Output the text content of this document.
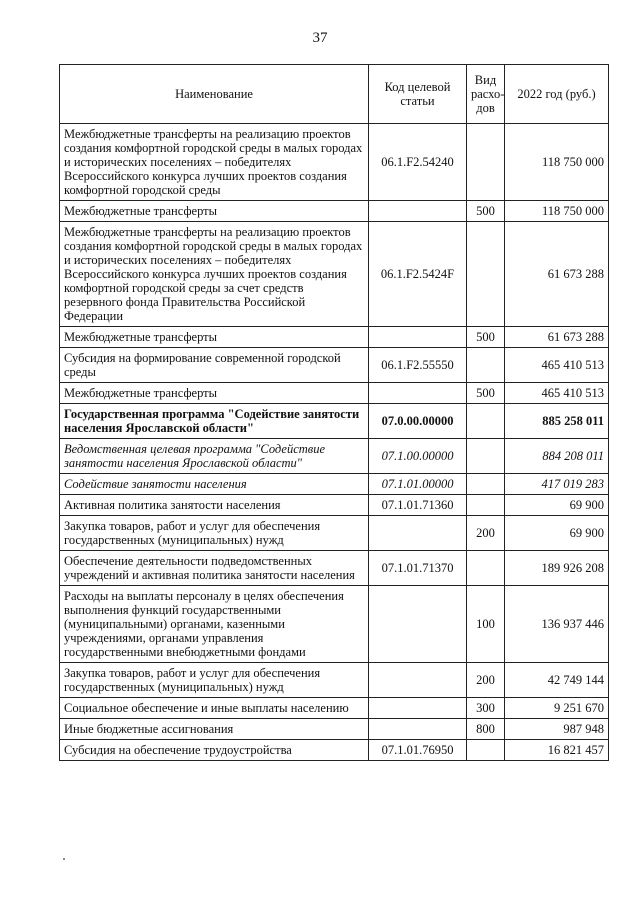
37
Наименование	Код целевой статьи	Вид расхо-дов	2022 год (руб.)
Межбюджетные трансферты на реализацию проектов создания комфортной городской среды в малых городах и исторических поселениях – победителях Всероссийского конкурса лучших проектов создания комфортной городской среды	06.1.F2.54240		118 750 000
Межбюджетные трансферты		500	118 750 000
Межбюджетные трансферты на реализацию проектов создания комфортной городской среды в малых городах и исторических поселениях – победителях Всероссийского конкурса лучших проектов создания комфортной городской среды за счет средств резервного фонда Правительства Российской Федерации	06.1.F2.5424F		61 673 288
Межбюджетные трансферты		500	61 673 288
Субсидия на формирование современной городской среды	06.1.F2.55550		465 410 513
Межбюджетные трансферты		500	465 410 513
Государственная программа "Содействие занятости населения Ярославской области"	07.0.00.00000		885 258 011
Ведомственная целевая программа "Содействие занятости населения Ярославской области"	07.1.00.00000		884 208 011
Содействие занятости населения	07.1.01.00000		417 019 283
Активная политика занятости населения	07.1.01.71360		69 900
Закупка товаров, работ и услуг для обеспечения государственных (муниципальных) нужд		200	69 900
Обеспечение деятельности подведомственных учреждений и активная политика занятости населения	07.1.01.71370		189 926 208
Расходы на выплаты персоналу в целях обеспечения выполнения функций государственными (муниципальными) органами, казенными учреждениями, органами управления государственными внебюджетными фондами		100	136 937 446
Закупка товаров, работ и услуг для обеспечения государственных (муниципальных) нужд		200	42 749 144
Социальное обеспечение и иные выплаты населению		300	9 251 670
Иные бюджетные ассигнования		800	987 948
Субсидия на обеспечение трудоустройства	07.1.01.76950		16 821 457
